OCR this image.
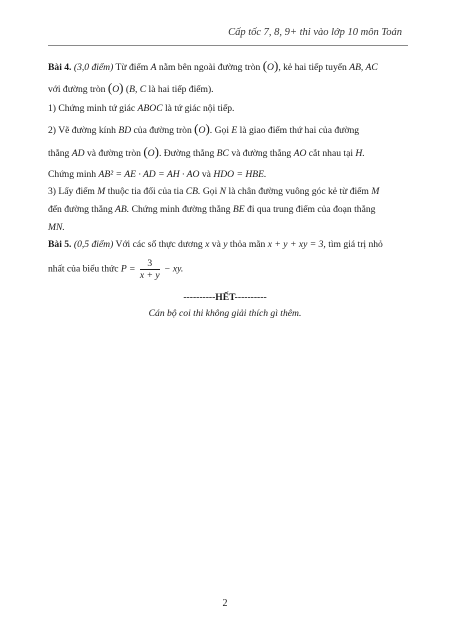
Cấp tốc 7, 8, 9+ thi vào lớp 10 môn Toán
Bài 4. (3,0 điểm) Từ điểm A nằm bên ngoài đường tròn (O), kẻ hai tiếp tuyến AB, AC
với đường tròn (O) (B, C là hai tiếp điểm).
1) Chứng minh tứ giác ABOC là tứ giác nội tiếp.
2) Vẽ đường kính BD của đường tròn (O). Gọi E là giao điểm thứ hai của đường
thẳng AD và đường tròn (O). Đường thẳng BC và đường thẳng AO cắt nhau tại H.
Chứng minh AB² = AE · AD = AH · AO và HDO = HBE.
3) Lấy điểm M thuộc tia đối của tia CB. Gọi N là chân đường vuông góc kẻ từ điểm M
đến đường thẳng AB. Chứng minh đường thẳng BE đi qua trung điểm của đoạn thẳng
MN.
Bài 5. (0,5 điểm) Với các số thực dương x và y thỏa mãn x + y + xy = 3, tìm giá trị nhỏ
nhất của biểu thức $P = \frac{3}{x + y}$ − xy.
----------HẾT----------
Cán bộ coi thi không giải thích gì thêm.
2
